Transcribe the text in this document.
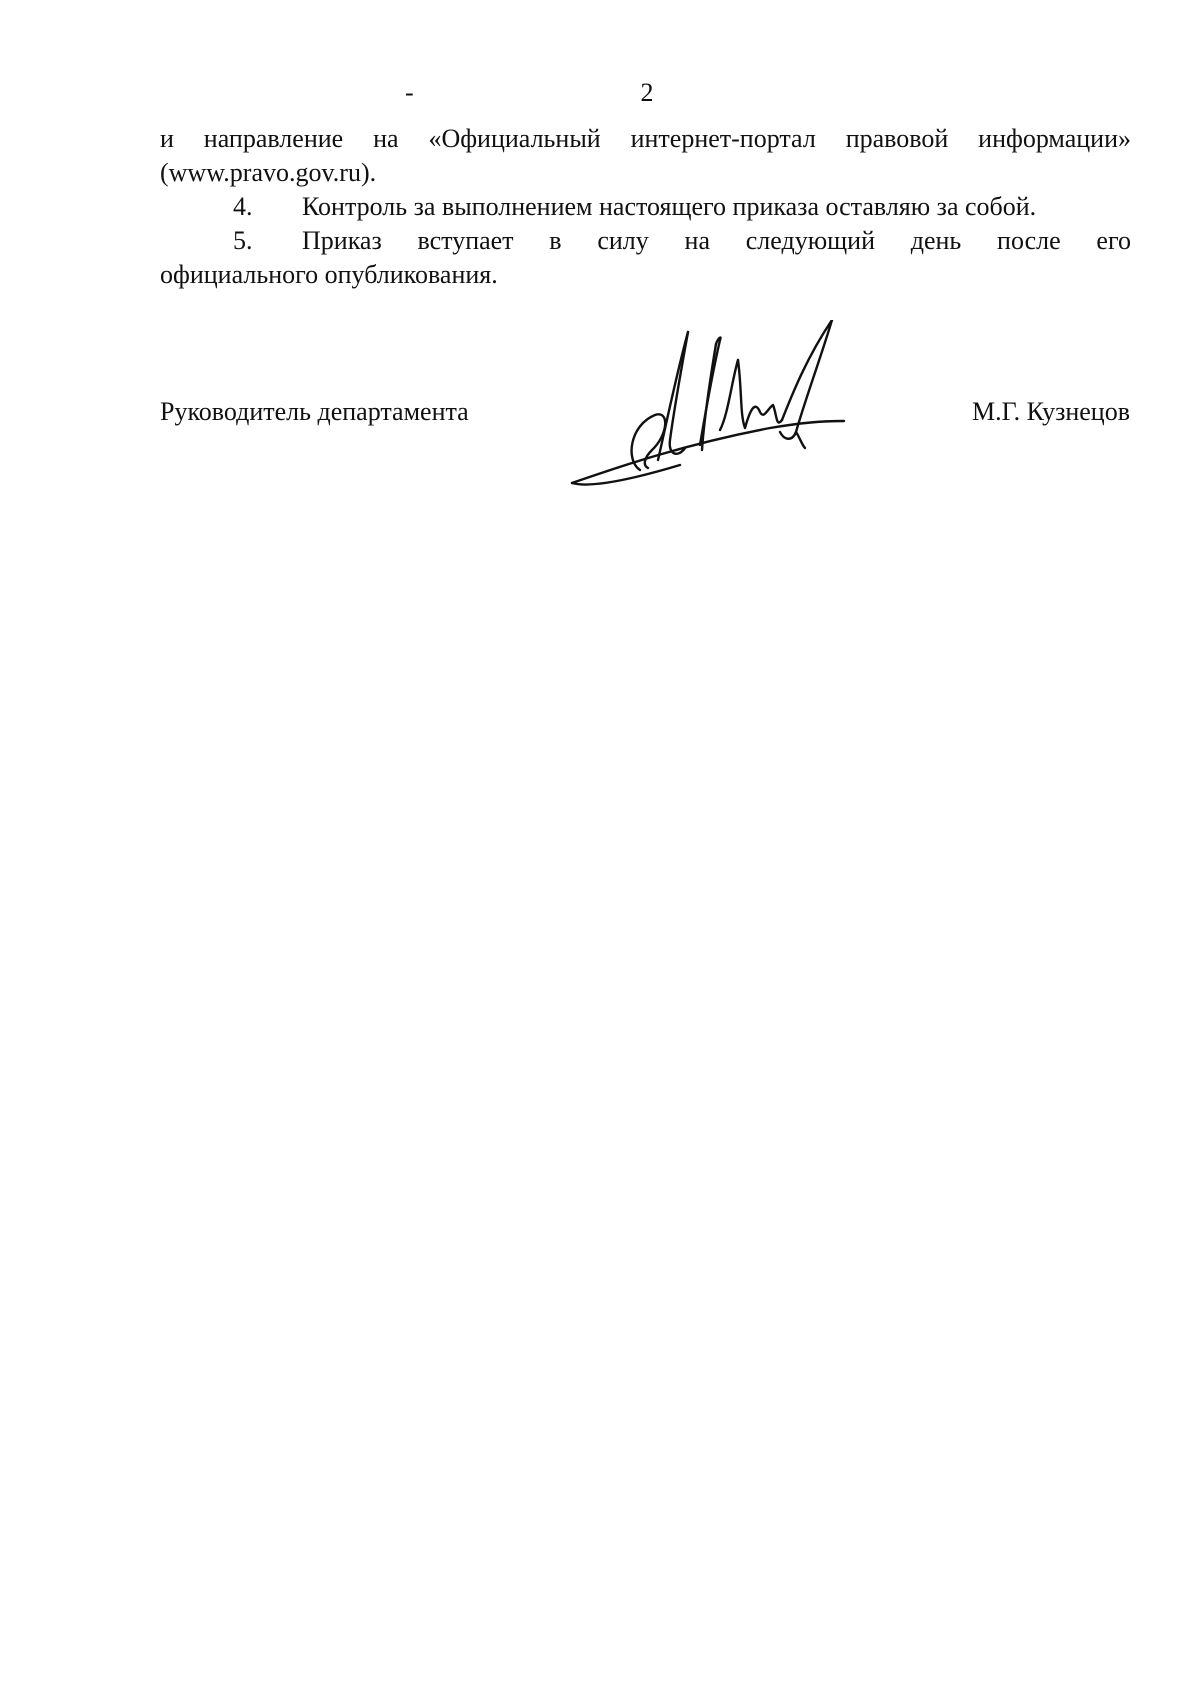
-	2
и направление на «Официальный интернет-портал правовой информации»
(www.pravo.gov.ru).
4. Контроль за выполнением настоящего приказа оставляю за собой.
5. Приказ вступает в силу на следующий день после его
официального опубликования.
Руководитель департамента	М.Г. Кузнецов
